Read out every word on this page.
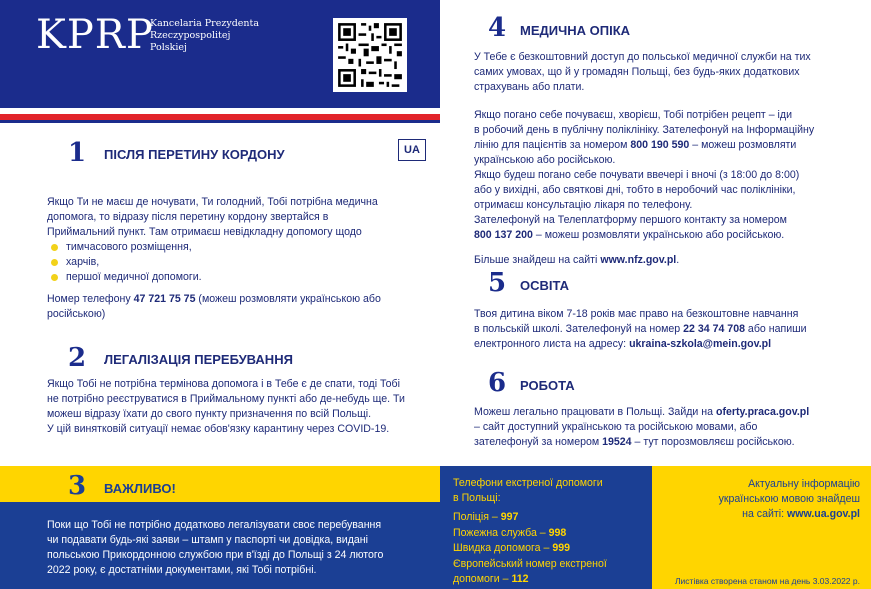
KPRP
Kancelaria Prezydenta
Rzeczypospolitej
Polskiej
1 ПІСЛЯ ПЕРЕТИНУ КОРДОНУ	UA
Якщо Ти не маєш де ночувати, Ти голодний, Тобі потрібна медична
допомога, то відразу після перетину кордону звертайся в
Приймальний пункт. Там отримаєш невідкладну допомогу щодо
тимчасового розміщення,
харчів,
першої медичної допомоги.
Номер телефону 47 721 75 75 (можеш розмовляти українською або
російською)
2 ЛЕГАЛІЗАЦІЯ ПЕРЕБУВАННЯ
Якщо Тобі не потрібна термінова допомога і в Тебе є де спати, тоді Тобі
не потрібно реєструватися в Приймальному пункті або де-небудь ще. Ти
можеш відразу їхати до свого пункту призначення по всій Польщі.
У цій винятковій ситуації немає обов'язку карантину через COVID-19.
3 ВАЖЛИВО!
Поки що Тобі не потрібно додатково легалізувати своє перебування
чи подавати будь-які заяви – штамп у паспорті чи довідка, видані
польською Прикордонною службою при в'їзді до Польщі з 24 лютого
2022 року, є достатніми документами, які Тобі потрібні.
Телефони екстреної допомоги
в Польщі:
Поліція – 997
Пожежна служба – 998
Швидка допомога – 999
Європейський номер екстреної
допомоги – 112
Актуальну інформацію
українською мовою знайдеш
на сайті: www.ua.gov.pl
Листівка створена станом на день 3.03.2022 р.
4 МЕДИЧНА ОПІКА
У Тебе є безкоштовний доступ до польської медичної служби на тих
самих умовах, що й у громадян Польщі, без будь-яких додаткових
страхувань або плати.
Якщо погано себе почуваєш, хворієш, Тобі потрібен рецепт – іди
в робочий день в публічну поліклініку. Зателефонуй на Інформаційну
лінію для пацієнтів за номером 800 190 590 – можеш розмовляти
українською або російською.
Якщо будеш погано себе почувати ввечері і вночі (з 18:00 до 8:00)
або у вихідні, або святкові дні, тобто в неробочий час поліклініки,
отримаєш консультацію лікаря по телефону.
Зателефонуй на Телеплатформу першого контакту за номером
800 137 200 – можеш розмовляти українською або російською.
Більше знайдеш на сайті www.nfz.gov.pl.
5 ОСВІТА
Твоя дитина віком 7-18 років має право на безкоштовне навчання
в польській школі. Зателефонуй на номер 22 34 74 708 або напиши
електронного листа на адресу: ukraina-szkola@mein.gov.pl
6 РОБОТА
Можеш легально працювати в Польщі. Зайди на oferty.praca.gov.pl
– сайт доступний українською та російською мовами, або
зателефонуй за номером 19524 – тут порозмовляєш російською.
